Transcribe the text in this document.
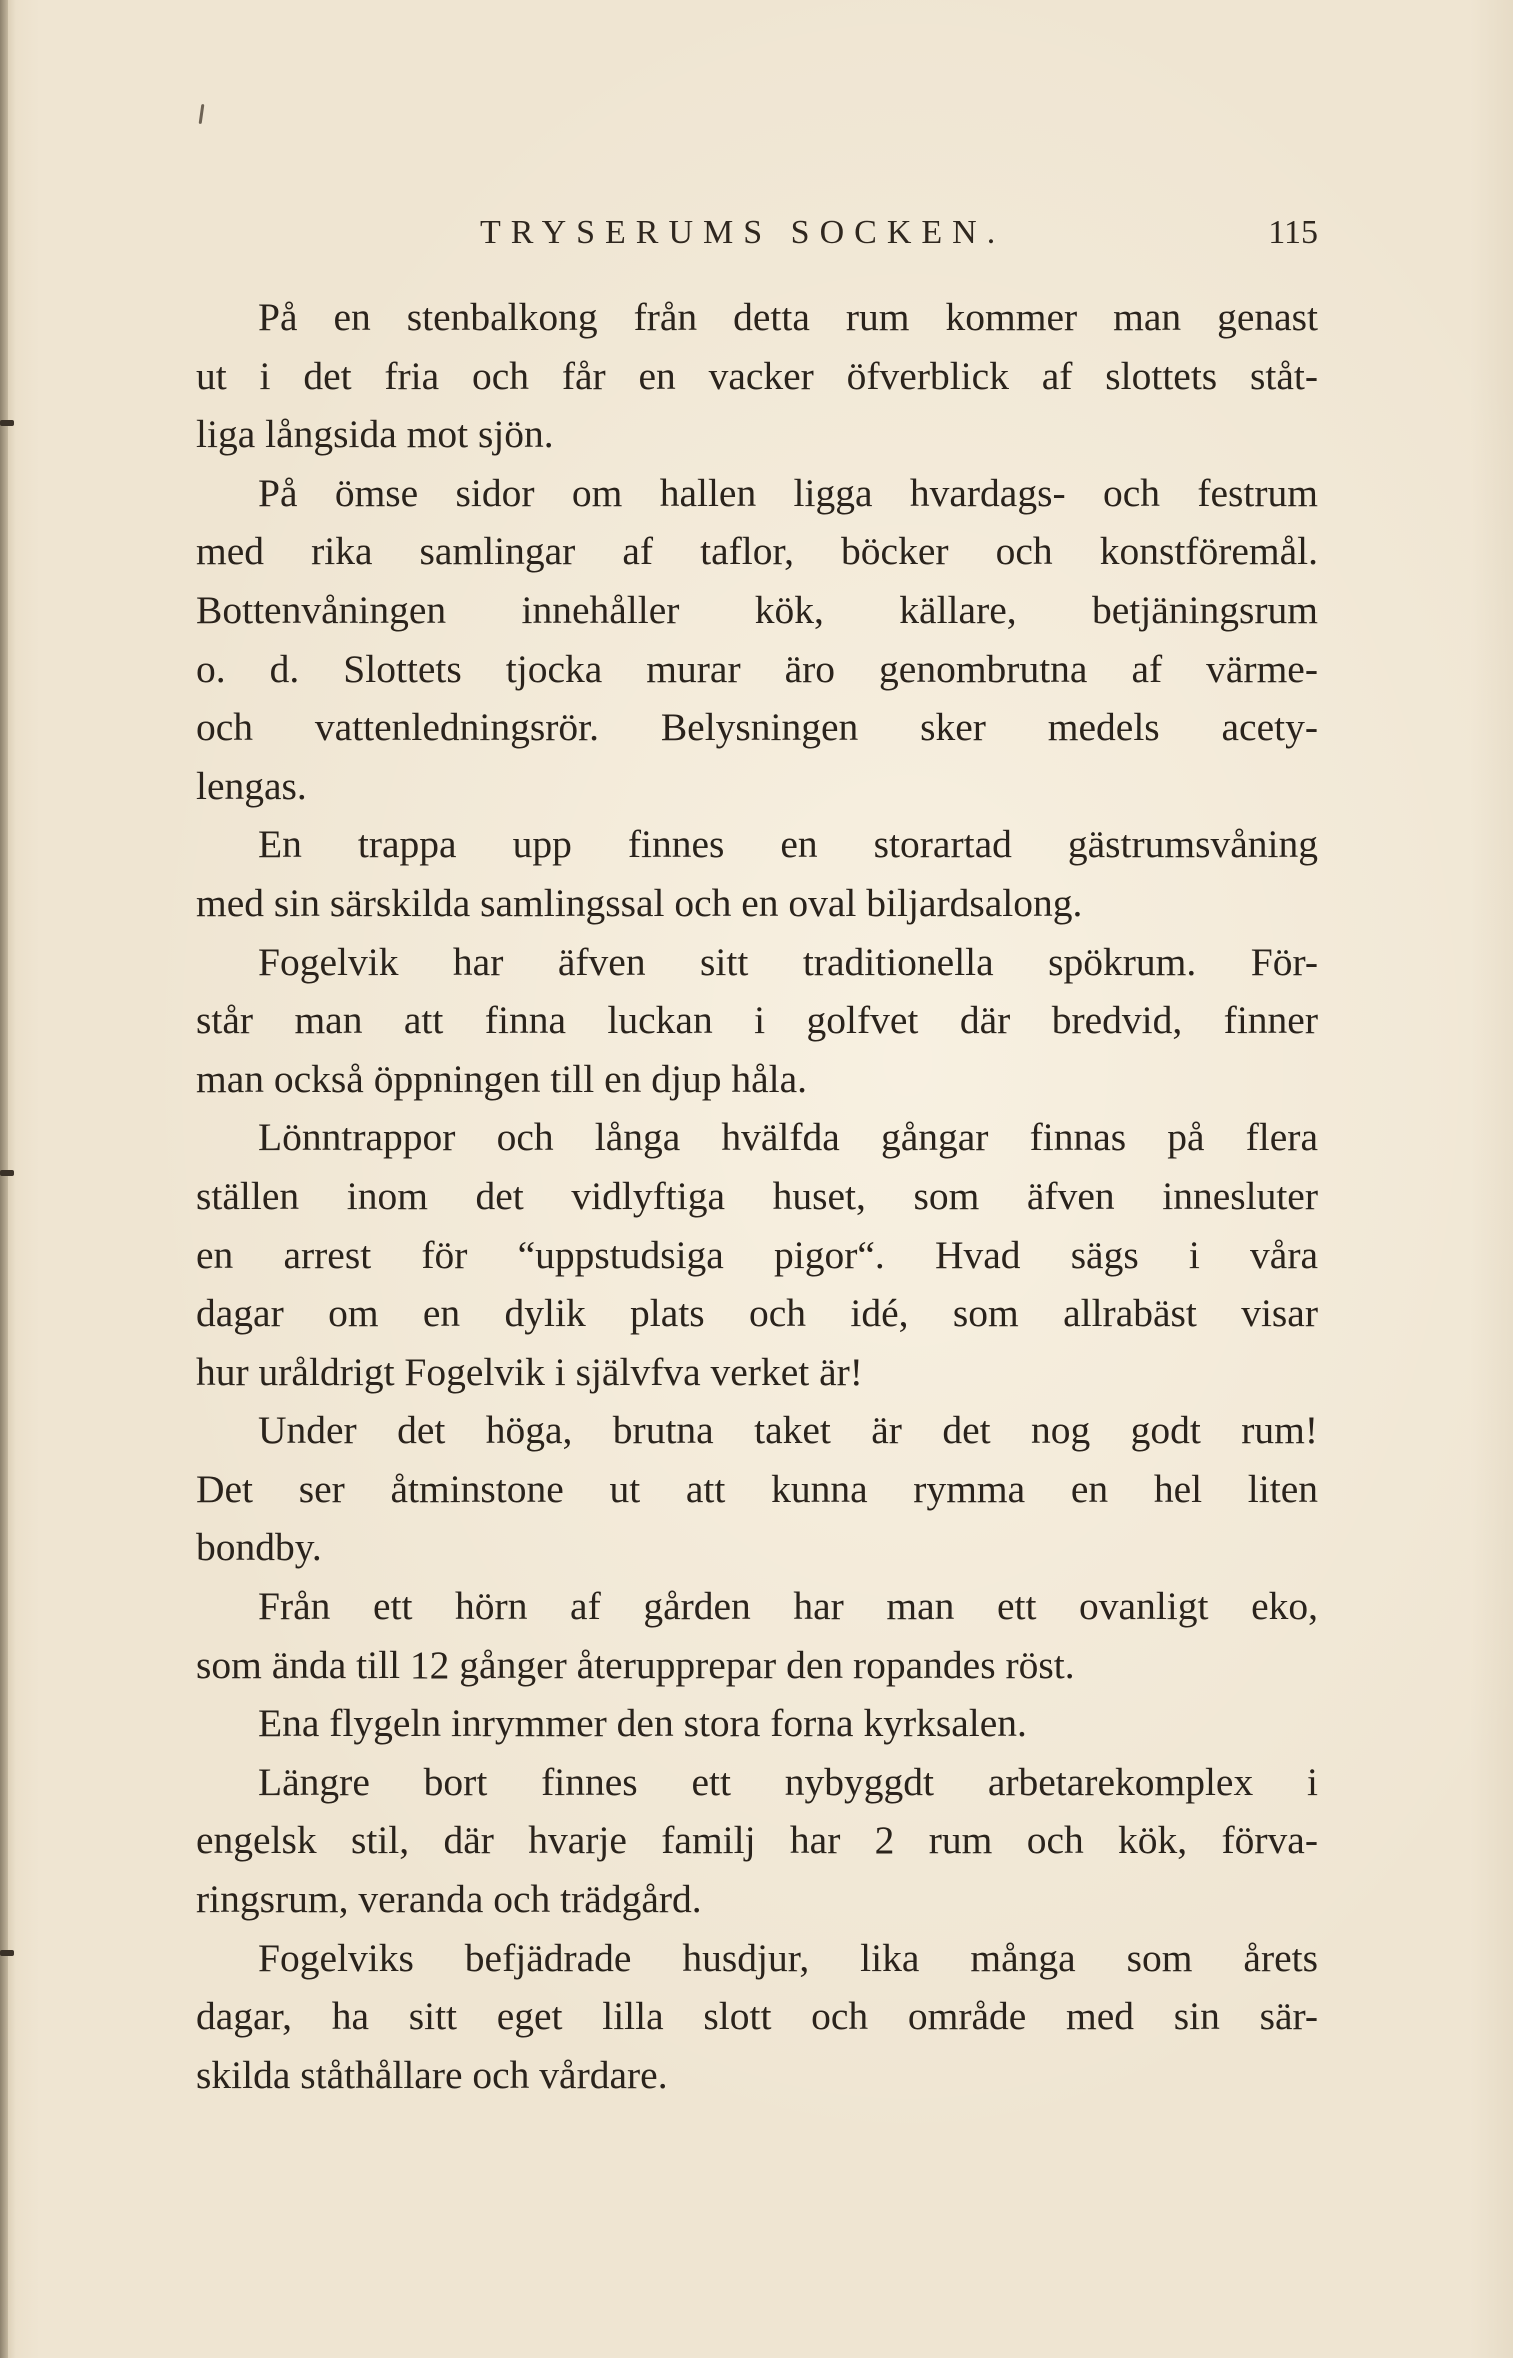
TRYSERUMS SOCKEN.	115
På en stenbalkong från detta rum kommer man genast
ut i det fria och får en vacker öfverblick af slottets ståt-
liga långsida mot sjön.
På ömse sidor om hallen ligga hvardags- och festrum
med rika samlingar af taflor, böcker och konstföremål.
Bottenvåningen innehåller kök, källare, betjäningsrum
o. d. Slottets tjocka murar äro genombrutna af värme-
och vattenledningsrör. Belysningen sker medels acety-
lengas.
En trappa upp finnes en storartad gästrumsvåning
med sin särskilda samlingssal och en oval biljardsalong.
Fogelvik har äfven sitt traditionella spökrum. För-
står man att finna luckan i golfvet där bredvid, finner
man också öppningen till en djup håla.
Lönntrappor och långa hvälfda gångar finnas på flera
ställen inom det vidlyftiga huset, som äfven innesluter
en arrest för “uppstudsiga pigor“. Hvad sägs i våra
dagar om en dylik plats och idé, som allrabäst visar
hur uråldrigt Fogelvik i självfva verket är!
Under det höga, brutna taket är det nog godt rum!
Det ser åtminstone ut att kunna rymma en hel liten
bondby.
Från ett hörn af gården har man ett ovanligt eko,
som ända till 12 gånger återupprepar den ropandes röst.
Ena flygeln inrymmer den stora forna kyrksalen.
Längre bort finnes ett nybyggdt arbetarekomplex i
engelsk stil, där hvarje familj har 2 rum och kök, förva-
ringsrum, veranda och trädgård.
Fogelviks befjädrade husdjur, lika många som årets
dagar, ha sitt eget lilla slott och område med sin sär-
skilda ståthållare och vårdare.
